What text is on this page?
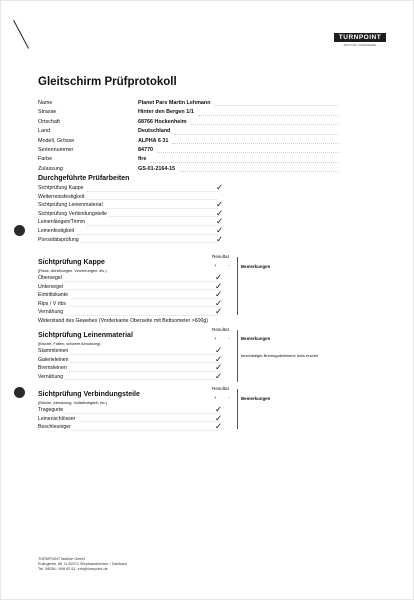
TURNPOINT
AVIATION HARDWARE
Gleitschirm Prüfprotokoll
Name	Planet Pars Martin Lehmann
Strasse	Hinter den Bergen 1/1
Ortschaft	68766 Hockenheim
Land	Deutschland
Modell, Grösse	ALPHA 6 31
Seriennummer	84770
Farbe	fire
Zulassung	GS-01-2164-15
Durchgeführte Prüfarbeiten
Sichtprüfung Kappe	✓
Weiterreissfestigkeit
Sichtprüfung Leinenmaterial	✓
Sichtprüfung Verbindungsteile	✓
Leinenlängen/Trimm	✓
Leinenfestigkeit	✓
Porositätsprüfung	✓
Sichtprüfung Kappe
(Risse, Abreibungen, Verzerrungen, etc.)
Resultat
+	-	Bemerkungen
Obersegel	✓
Untersegel	✓
Eintrittskante	✓
Rips / V ribs	✓
Vernähung	✓
Widerstand des Gewebes (Vorderkante Oberseite mit Bettsometer >600g)
Sichtprüfung Leinenmaterial
(Brüche, Falten, schwere Abnutzung)
Resultat
+	-	Bemerkungen
beschädigte Bremsgalerieleine links ersetzt
Stammleinen	✓
Galerieleinen	✓
Bremsleinen	✓
Vernähung	✓
Sichtprüfung Verbindungsteile
(Brüche, Abnutzung, Vollständigkeit, etc.)
Resultat
+	-	Bemerkungen
Tragegurte	✓
Leinenschlösser	✓
Beschleuniger	✓
TURNPOINT fastline GmbH
Eulingerstr. 66, D-82071 Stephanskirchen / Salzbach
Tel. 08036 / 908 82 61, info@turnpoint.de
